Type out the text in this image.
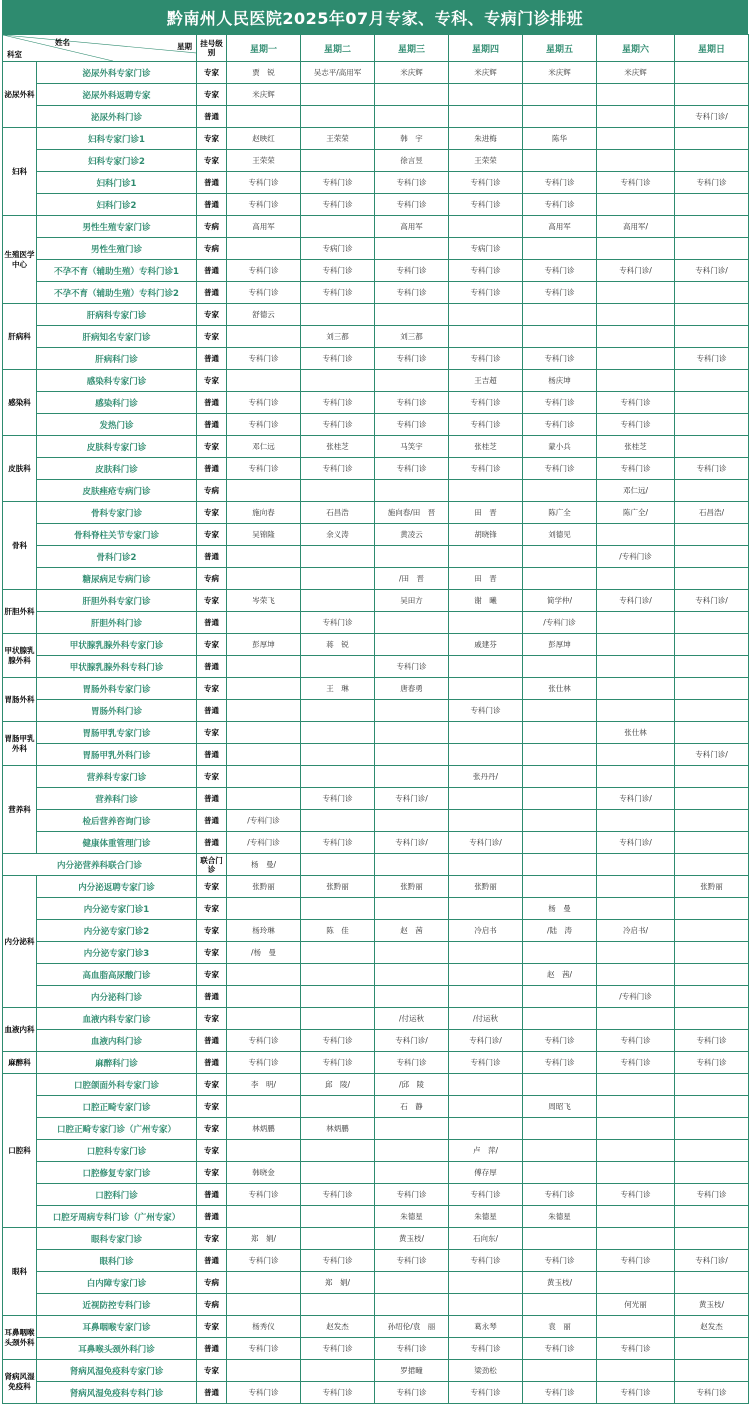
黔南州人民医院2025年07月专家、专科、专病门诊排班
姓名 星期
科室		挂号级别	星期一	星期二	星期三	星期四	星期五	星期六	星期日
泌尿外科	泌尿外科专家门诊	专家	贾　锐	吴志平/高用军	米庆辉	米庆辉	米庆辉	米庆辉	
	泌尿外科返聘专家	专家	米庆辉						
	泌尿外科门诊	普通							专科门诊/
妇科	妇科专家门诊1	专家	赵映红	王荣荣	韩　宇	朱进梅	陈华		
	妇科专家门诊2	专家	王荣荣		徐言昱	王荣荣			
	妇科门诊1	普通	专科门诊	专科门诊	专科门诊	专科门诊	专科门诊	专科门诊	专科门诊
	妇科门诊2	普通	专科门诊	专科门诊	专科门诊	专科门诊	专科门诊		
生殖医学中心	男性生殖专家门诊	专病	高用军		高用军		高用军	高用军/	
	男性生殖门诊	专病		专病门诊		专病门诊			
	不孕不育（辅助生殖）专科门诊1	普通	专科门诊	专科门诊	专科门诊	专科门诊	专科门诊	专科门诊/	专科门诊/
	不孕不育（辅助生殖）专科门诊2	普通	专科门诊	专科门诊	专科门诊	专科门诊	专科门诊		
肝病科	肝病科专家门诊	专家	舒德云						
	肝病知名专家门诊	专家		刘三都	刘三都				
	肝病科门诊	普通	专科门诊	专科门诊	专科门诊	专科门诊	专科门诊		专科门诊
感染科	感染科专家门诊	专家				王吉超	杨庆坤		
	感染科门诊	普通	专科门诊	专科门诊	专科门诊	专科门诊	专科门诊	专科门诊	
	发热门诊	普通	专科门诊	专科门诊	专科门诊	专科门诊	专科门诊	专科门诊	
皮肤科	皮肤科专家门诊	专家	邓仁远	张桂芝	马笑宇	张桂芝	蒙小兵	张桂芝	
	皮肤科门诊	普通	专科门诊	专科门诊	专科门诊	专科门诊	专科门诊	专科门诊	专科门诊
	皮肤痤疮专病门诊	专病						邓仁远/	
骨科	骨科专家门诊	专家	施向春	石昌浩	施向春/田　晋	田　晋	陈广全	陈广全/	石昌浩/
	骨科脊柱关节专家门诊	专家	吴锦隆	余义涛	黄凌云	胡晓锋	刘德见		
	骨科门诊2	普通						/专科门诊	
	糖尿病足专病门诊	专病			/田　晋	田　晋			
肝胆外科	肝胆外科专家门诊	专家	岑荣飞		吴田方	谢　曦	简学仲/	专科门诊/	专科门诊/
	肝胆外科门诊	普通		专科门诊			/专科门诊		
甲状腺乳腺外科	甲状腺乳腺外科专家门诊	专家	彭厚坤	蒋　锐		戚建芬	彭厚坤		
	甲状腺乳腺外科专科门诊	普通			专科门诊				
胃肠外科	胃肠外科专家门诊	专家		王　琳	唐春勇		张仕林		
	胃肠外科门诊	普通				专科门诊			
胃肠甲乳外科	胃肠甲乳专家门诊	专家						张仕林	
	胃肠甲乳外科门诊	普通							专科门诊/
营养科	营养科专家门诊	专家				张丹丹/			
	营养科门诊	普通		专科门诊	专科门诊/			专科门诊/	
	检后营养咨询门诊	普通	/专科门诊						
	健康体重管理门诊	普通	/专科门诊	专科门诊	专科门诊/	专科门诊/		专科门诊/	
内分泌营养科联合门诊		联合门诊	杨　曼/						
内分泌科	内分泌返聘专家门诊	专家	张黔丽	张黔丽	张黔丽	张黔丽			张黔丽
	内分泌专家门诊1	专家					杨　曼		
	内分泌专家门诊2	专家	杨玲琳	陈　佳	赵　茜	冷启书	/陆　涛	冷启书/	
	内分泌专家门诊3	专家	/杨　曼						
	高血脂高尿酸门诊	专家					赵　茜/		
	内分泌科门诊	普通						/专科门诊	
血液内科	血液内科专家门诊	专家			/付运秋	/付运秋			
	血液内科门诊	普通	专科门诊	专科门诊	专科门诊/	专科门诊/	专科门诊	专科门诊	专科门诊
麻醉科	麻醉科门诊	普通	专科门诊	专科门诊	专科门诊	专科门诊	专科门诊	专科门诊	专科门诊
口腔科	口腔颌面外科专家门诊	专家	李　明/	邱　陵/	/邱　陵				
	口腔正畸专家门诊	专家			石　静		周昭飞		
	口腔正畸专家门诊（广州专家）	专家	林炳鹏	林炳鹏					
	口腔科专家门诊	专家				卢　萍/			
	口腔修复专家门诊	专家	韩晓金			傅存厚			
	口腔科门诊	普通	专科门诊	专科门诊	专科门诊	专科门诊	专科门诊	专科门诊	专科门诊
	口腔牙周病专科门诊（广州专家）	普通			朱德星	朱德星	朱德星		
眼科	眼科专家门诊	专家	郑　娟/		黄玉枝/	石向东/			
	眼科门诊	普通	专科门诊	专科门诊	专科门诊	专科门诊	专科门诊	专科门诊	专科门诊/
	白内障专家门诊	专病		郑　娟/			黄玉枝/		
	近视防控专科门诊	专病						何光丽	黄玉枝/
耳鼻咽喉头颈外科	耳鼻咽喉专家门诊	专家	杨秀仪	赵发杰	孙绍伦/袁　丽	葛永琴	袁　丽		赵发杰
	耳鼻喉头颈外科门诊	普通	专科门诊	专科门诊	专科门诊	专科门诊	专科门诊	专科门诊	
肾病风湿免疫科	肾病风湿免疫科专家门诊	专家			罗捃疃	梁劲松			
	肾病风湿免疫科专科门诊	普通	专科门诊	专科门诊	专科门诊	专科门诊	专科门诊	专科门诊	专科门诊
